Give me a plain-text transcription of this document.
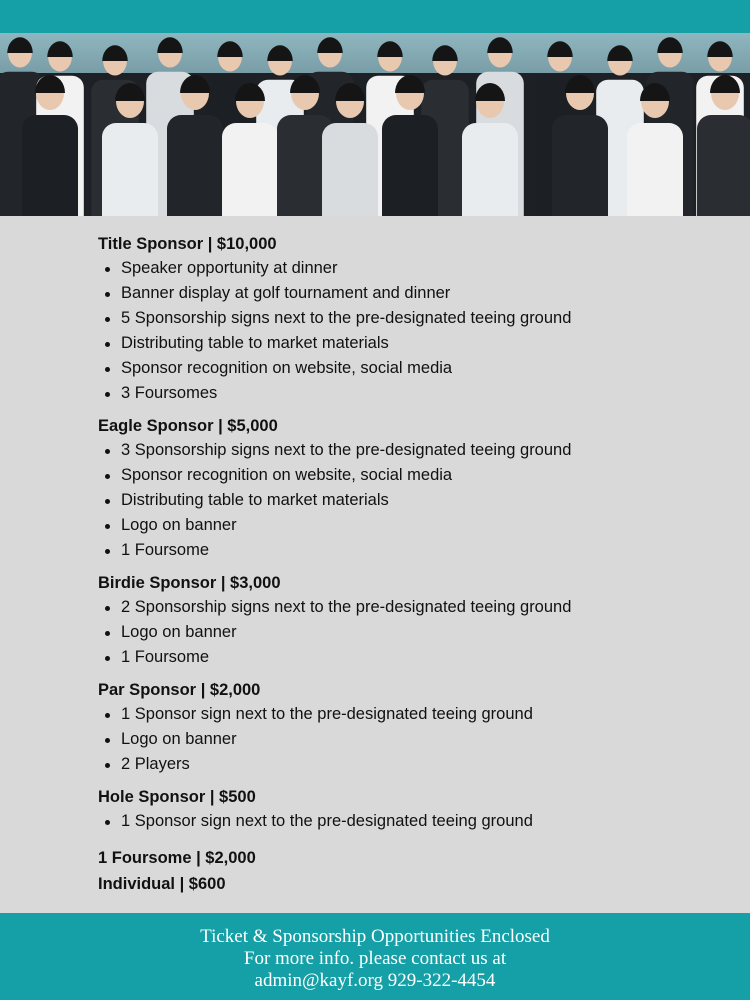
Title Sponsor | $10,000
Speaker opportunity at dinner
Banner display at golf tournament and dinner
5 Sponsorship signs next to the pre-designated teeing ground
Distributing table to market materials
Sponsor recognition on website, social media
3 Foursomes
Eagle Sponsor | $5,000
3 Sponsorship signs next to the pre-designated teeing ground
Sponsor recognition on website, social media
Distributing table to market materials
Logo on banner
1 Foursome
Birdie Sponsor | $3,000
2 Sponsorship signs next to the pre-designated teeing ground
Logo on banner
1 Foursome
Par Sponsor | $2,000
1 Sponsor sign next to the pre-designated teeing ground
Logo on banner
2 Players
Hole Sponsor | $500
1 Sponsor sign next to the pre-designated teeing ground
1 Foursome | $2,000
Individual | $600
Ticket & Sponsorship Opportunities Enclosed
For more info. please contact us at
admin@kayf.org 929-322-4454
